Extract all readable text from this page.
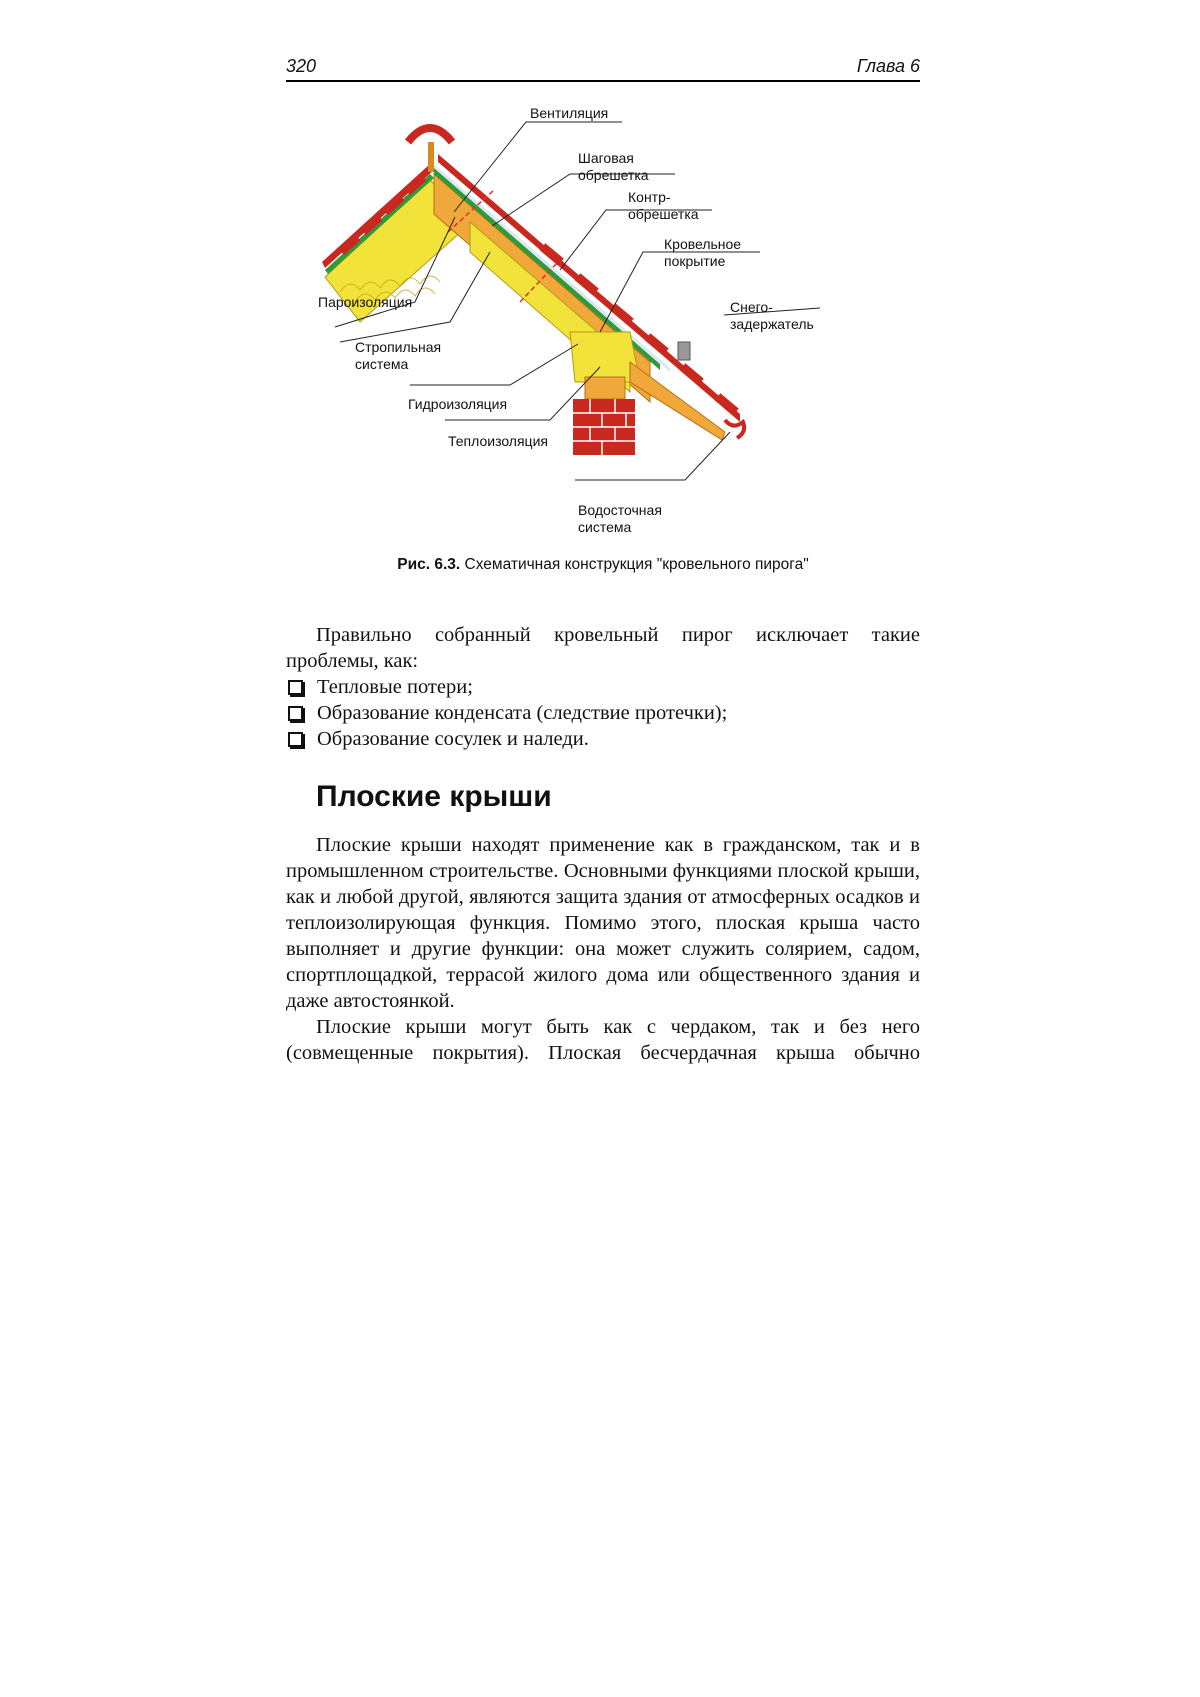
320	Глава 6
Вентиляция
Шаговая
обрешетка
Контр-
обрешетка
Кровельное
покрытие
Пароизоляция	Снего-
задержатель
Стропильная
система
Гидроизоляция
Теплоизоляция
Водосточная
система
Рис. 6.3. Схематичная конструкция "кровельного пирога"

Правильно собранный кровельный пирог исключает такие проблемы, как:

Тепловые потери;
Образование конденсата (следствие протечки);
Образование сосулек и наледи.
Плоские крыши

Плоские крыши находят применение как в гражданском, так и в промышленном строительстве. Основными функциями плоской крыши, как и любой другой, являются защита здания от атмосферных осадков и теплоизолирующая функция. Помимо этого, плоская крыша часто выполняет и другие функции: она может служить солярием, садом, спортплощадкой, террасой жилого дома или общественного здания и даже автостоянкой.

Плоские крыши могут быть как с чердаком, так и без него (совмещенные покрытия). Плоская бесчердачная крыша обычно
